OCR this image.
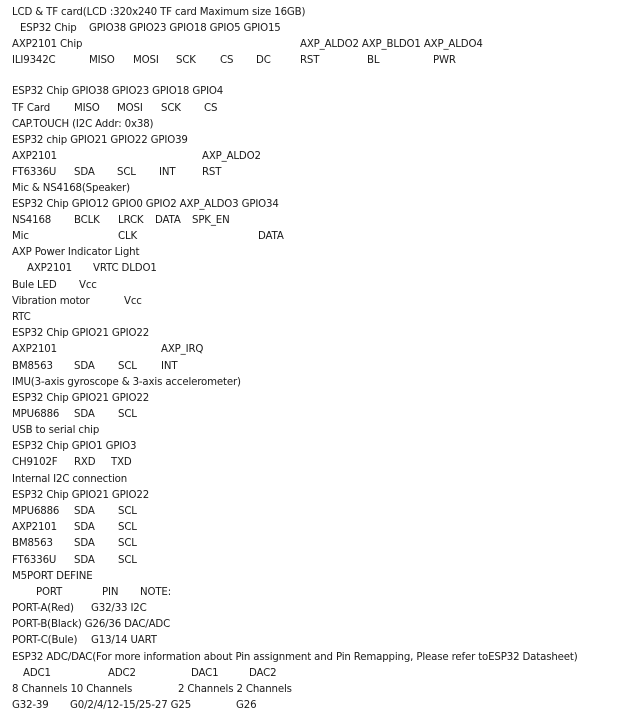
LCD & TF card(LCD :320x240 TF card Maximum size 16GB)
ESP32 Chip GPIO38 GPIO23 GPIO18 GPIO5 GPIO15
AXP2101 Chip	AXP_ALDO2 AXP_BLDO1 AXP_ALDO4
ILI9342C	MISO MOSI SCK CS DC	RST	BL	PWR
ESP32 Chip GPIO38 GPIO23 GPIO18 GPIO4
TF Card MISO MOSI SCK CS
CAP.TOUCH (I2C Addr: 0x38)
ESP32 chip GPIO21 GPIO22 GPIO39
AXP2101	AXP_ALDO2
FT6336U SDA SCL INT	RST
Mic & NS4168(Speaker)
ESP32 Chip GPIO12 GPIO0 GPIO2 AXP_ALDO3 GPIO34
NS4168 BCLK LRCK DATA SPK_EN
Mic	CLK	DATA
AXP Power Indicator Light
AXP2101 VRTC DLDO1
Bule LED Vcc
Vibration motor	Vcc
RTC
ESP32 Chip GPIO21 GPIO22
AXP2101	AXP_IRQ
BM8563 SDA SCL INT
IMU(3-axis gyroscope & 3-axis accelerometer)
ESP32 Chip GPIO21 GPIO22
MPU6886 SDA SCL
USB to serial chip
ESP32 Chip GPIO1 GPIO3
CH9102F RXD TXD
Internal I2C connection
ESP32 Chip GPIO21 GPIO22
MPU6886 SDA SCL
AXP2101 SDA SCL
BM8563 SDA SCL
FT6336U SDA SCL
M5PORT DEFINE
PORT	PIN NOTE:
PORT-A(Red) G32/33 I2C
PORT-B(Black) G26/36 DAC/ADC
PORT-C(Bule) G13/14 UART
ESP32 ADC/DAC(For more information about Pin assignment and Pin Remapping, Please refer toESP32 Datasheet)
ADC1	ADC2	DAC1	DAC2
8 Channels 10 Channels	2 Channels 2 Channels
G32-39 G0/2/4/12-15/25-27 G25	G26
